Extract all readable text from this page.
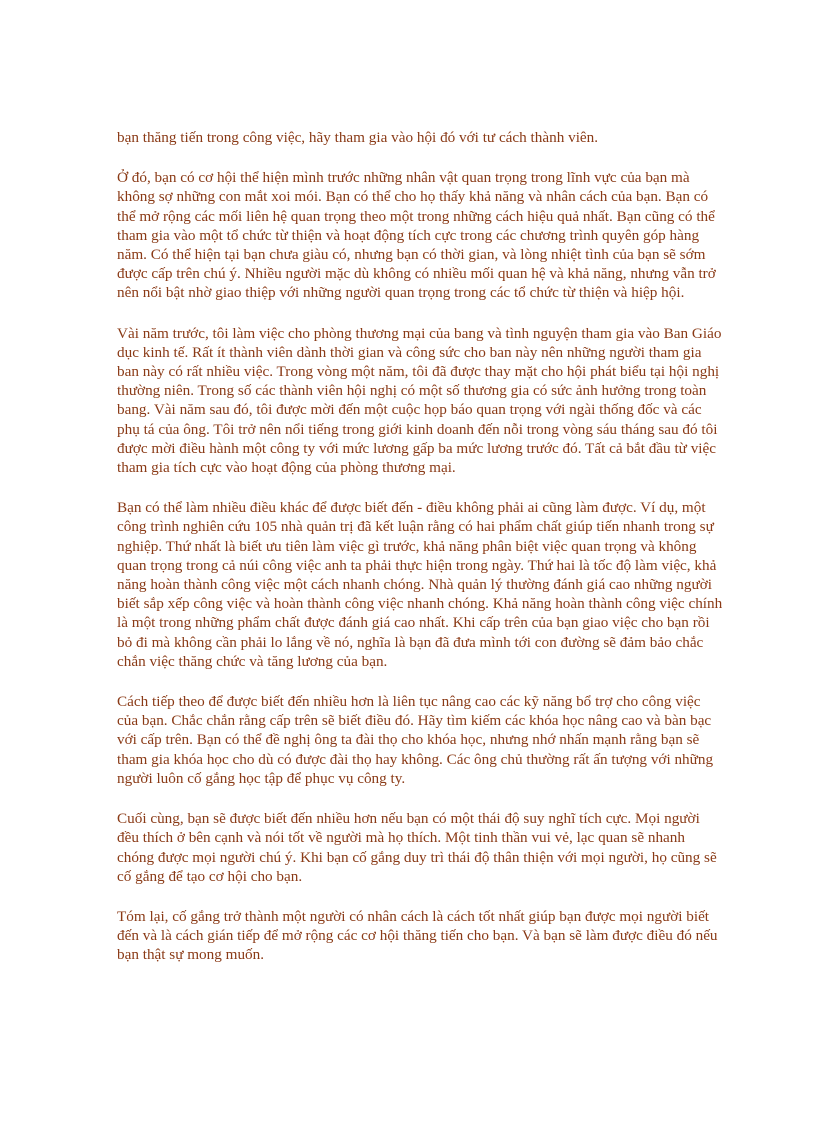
bạn thăng tiến trong công việc, hãy tham gia vào hội đó với tư cách thành viên.

Ở đó, bạn có cơ hội thể hiện mình trước những nhân vật quan trọng trong lĩnh vực của bạn mà
không sợ những con mắt xoi mói. Bạn có thể cho họ thấy khả năng và nhân cách của bạn. Bạn có
thể mở rộng các mối liên hệ quan trọng theo một trong những cách hiệu quả nhất. Bạn cũng có thể
tham gia vào một tổ chức từ thiện và hoạt động tích cực trong các chương trình quyên góp hàng
năm. Có thể hiện tại bạn chưa giàu có, nhưng bạn có thời gian, và lòng nhiệt tình của bạn sẽ sớm
được cấp trên chú ý. Nhiều người mặc dù không có nhiều mối quan hệ và khả năng, nhưng vẫn trở
nên nổi bật nhờ giao thiệp với những người quan trọng trong các tổ chức từ thiện và hiệp hội.

Vài năm trước, tôi làm việc cho phòng thương mại của bang và tình nguyện tham gia vào Ban Giáo
dục kinh tế. Rất ít thành viên dành thời gian và công sức cho ban này nên những người tham gia
ban này có rất nhiều việc. Trong vòng một năm, tôi đã được thay mặt cho hội phát biểu tại hội nghị
thường niên. Trong số các thành viên hội nghị có một số thương gia có sức ảnh hưởng trong toàn
bang. Vài năm sau đó, tôi được mời đến một cuộc họp báo quan trọng với ngài thống đốc và các
phụ tá của ông. Tôi trở nên nổi tiếng trong giới kinh doanh đến nỗi trong vòng sáu tháng sau đó tôi
được mời điều hành một công ty với mức lương gấp ba mức lương trước đó. Tất cả bắt đầu từ việc
tham gia tích cực vào hoạt động của phòng thương mại.

Bạn có thể làm nhiều điều khác để được biết đến - điều không phải ai cũng làm được. Ví dụ, một
công trình nghiên cứu 105 nhà quản trị đã kết luận rằng có hai phẩm chất giúp tiến nhanh trong sự
nghiệp. Thứ nhất là biết ưu tiên làm việc gì trước, khả năng phân biệt việc quan trọng và không
quan trọng trong cả núi công việc anh ta phải thực hiện trong ngày. Thứ hai là tốc độ làm việc, khả
năng hoàn thành công việc một cách nhanh chóng. Nhà quản lý thường đánh giá cao những người
biết sắp xếp công việc và hoàn thành công việc nhanh chóng. Khả năng hoàn thành công việc chính
là một trong những phẩm chất được đánh giá cao nhất. Khi cấp trên của bạn giao việc cho bạn rồi
bỏ đi mà không cần phải lo lắng về nó, nghĩa là bạn đã đưa mình tới con đường sẽ đảm bảo chắc
chắn việc thăng chức và tăng lương của bạn.

Cách tiếp theo để được biết đến nhiều hơn là liên tục nâng cao các kỹ năng bổ trợ cho công việc
của bạn. Chắc chắn rằng cấp trên sẽ biết điều đó. Hãy tìm kiếm các khóa học nâng cao và bàn bạc
với cấp trên. Bạn có thể đề nghị ông ta đài thọ cho khóa học, nhưng nhớ nhấn mạnh rằng bạn sẽ
tham gia khóa học cho dù có được đài thọ hay không. Các ông chủ thường rất ấn tượng với những
người luôn cố gắng học tập để phục vụ công ty.

Cuối cùng, bạn sẽ được biết đến nhiều hơn nếu bạn có một thái độ suy nghĩ tích cực. Mọi người
đều thích ở bên cạnh và nói tốt về người mà họ thích. Một tinh thần vui vẻ, lạc quan sẽ nhanh
chóng được mọi người chú ý. Khi bạn cố gắng duy trì thái độ thân thiện với mọi người, họ cũng sẽ
cố gắng để tạo cơ hội cho bạn.

Tóm lại, cố gắng trở thành một người có nhân cách là cách tốt nhất giúp bạn được mọi người biết
đến và là cách gián tiếp để mở rộng các cơ hội thăng tiến cho bạn. Và bạn sẽ làm được điều đó nếu
bạn thật sự mong muốn.
